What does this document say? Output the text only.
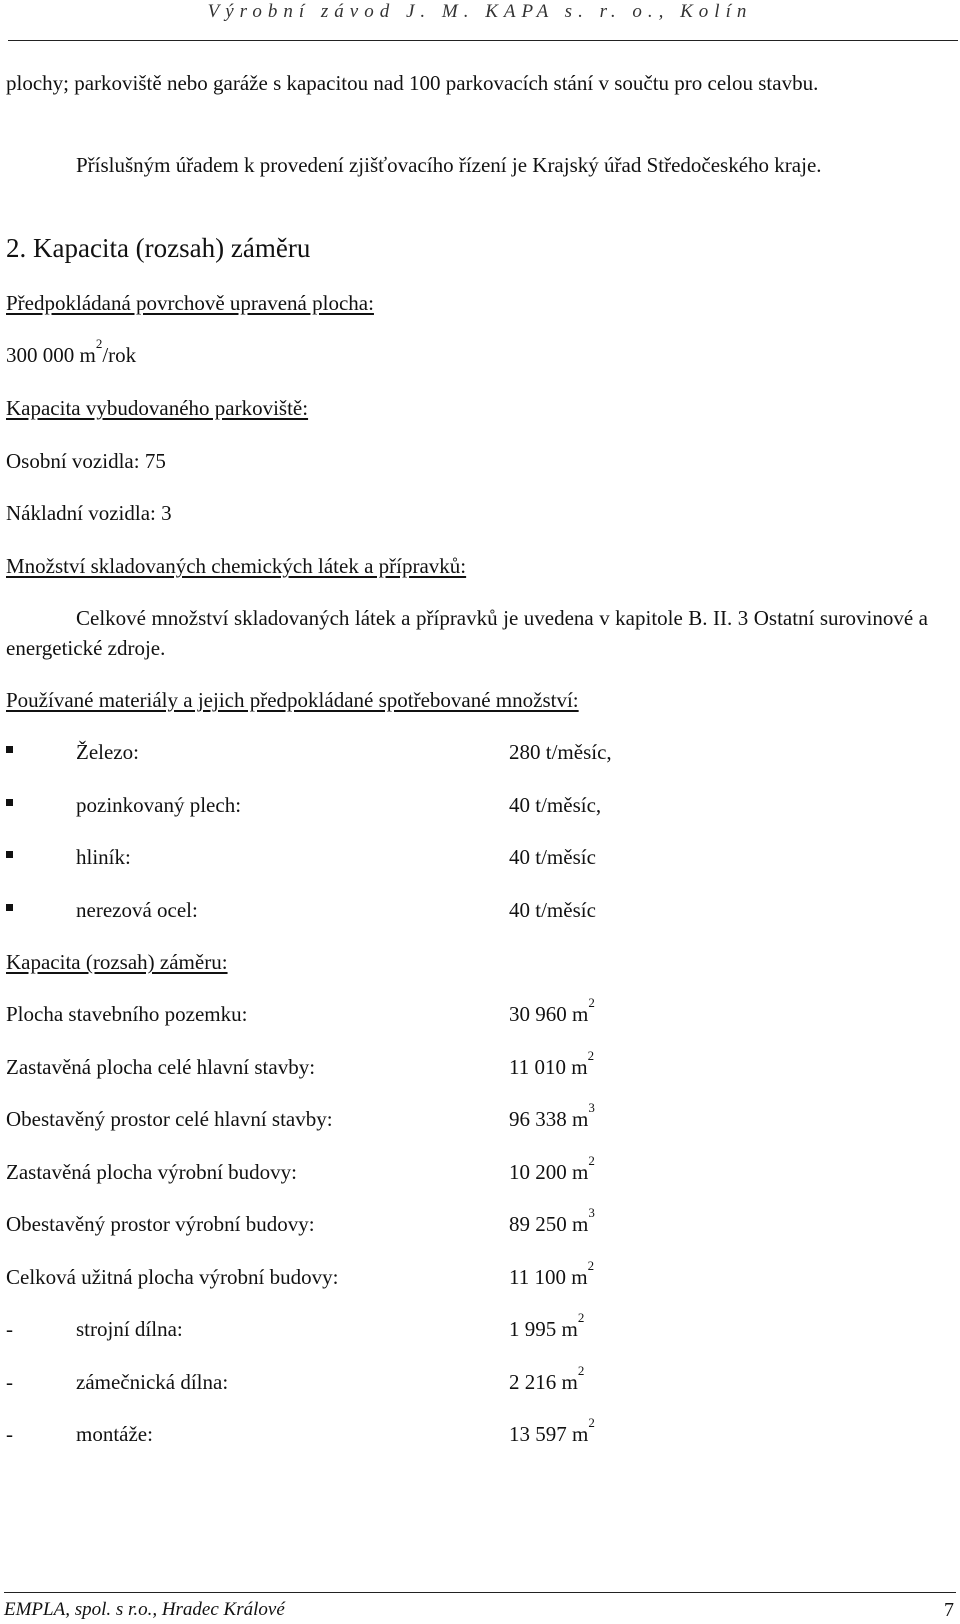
Výrobní závod J. M. KAPA s. r. o., Kolín

plochy; parkoviště nebo garáže s kapacitou nad 100 parkovacích stání v součtu pro celou stavbu.

Příslušným úřadem k provedení zjišťovacího řízení je Krajský úřad Středočeského kraje.

2. Kapacita (rozsah) záměru
Předpokládaná povrchově upravená plocha:
300 000 $m^2$/rok
Kapacita vybudovaného parkoviště:
Osobní vozidla: 75
Nákladní vozidla: 3
Množství skladovaných chemických látek a přípravků:

Celkové množství skladovaných látek a přípravků je uvedena v kapitole B. II. 3 Ostatní surovinové a energetické zdroje.

Používané materiály a jejich předpokládané spotřebované množství:
Železo:	280 t/měsíc,
pozinkovaný plech:	40 t/měsíc,
hliník:	40 t/měsíc
nerezová ocel:	40 t/měsíc
Kapacita (rozsah) záměru:
Plocha stavebního pozemku:	30 960 $m^2$
Zastavěná plocha celé hlavní stavby:	11 010 $m^2$
Obestavěný prostor celé hlavní stavby:	96 338 $m^3$
Zastavěná plocha výrobní budovy:	10 200 $m^2$
Obestavěný prostor výrobní budovy:	89 250 $m^3$
Celková užitná plocha výrobní budovy:	11 100 $m^2$
-	strojní dílna:	1 995 $m^2$
-	zámečnická dílna:	2 216 $m^2$
-	montáže:	13 597 $m^2$
EMPLA, spol. s r.o., Hradec Králové	7
